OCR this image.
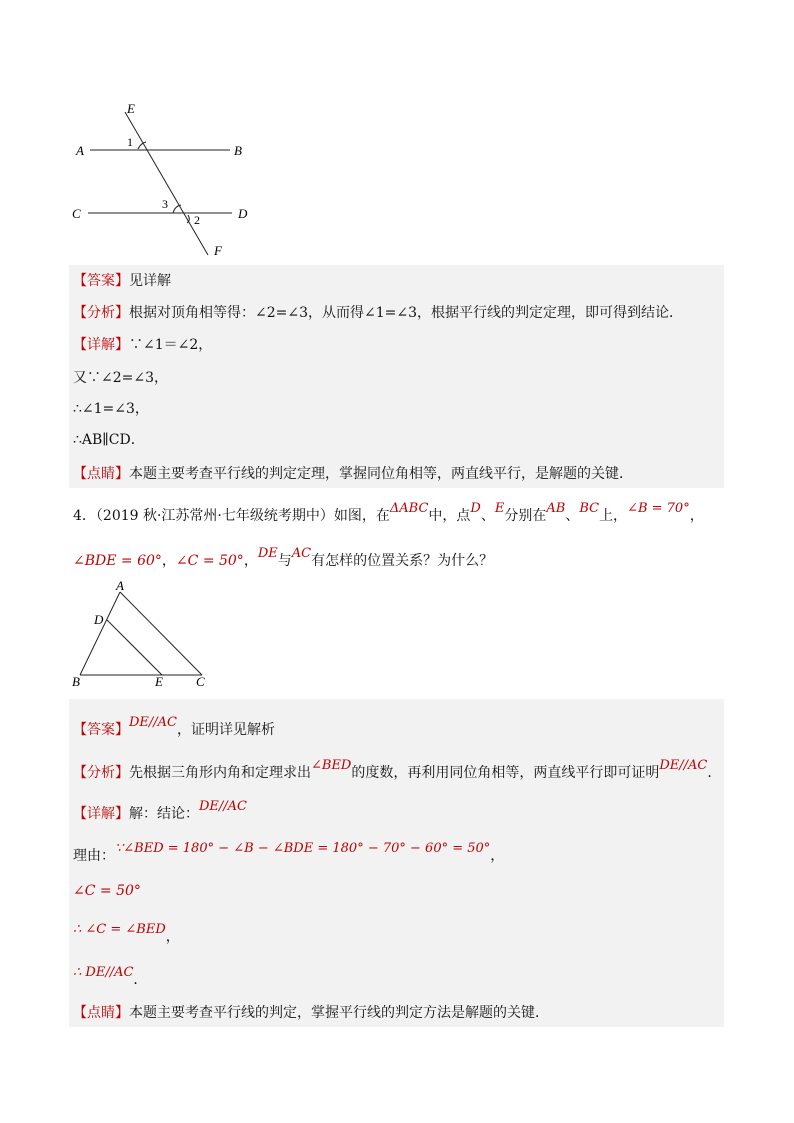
E
A	B
C	D
F
1
3
2
【答案】见详解
【分析】根据对顶角相等得：∠2=∠3，从而得∠1=∠3，根据平行线的判定定理，即可得到结论．
【详解】∵∠1＝∠2，
又∵∠2=∠3，
∴∠1=∠3，
∴AB∥CD．
【点睛】本题主要考查平行线的判定定理，掌握同位角相等，两直线平行，是解题的关键．
4．（2019 秋·江苏常州·七年级统考期中）如图，在ΔABC中，点D、E分别在AB、BC上，∠B = 70°，
∠BDE = 60°，∠C = 50°，DE与AC有怎样的位置关系？为什么？
A
D
B	E	C
【答案】DE//AC，证明详见解析
【分析】先根据三角形内角和定理求出∠BED的度数，再利用同位角相等，两直线平行即可证明DE//AC．
【详解】解：结论：DE//AC
理由：∵∠BED = 180° − ∠B − ∠BDE = 180° − 70° − 60° = 50°，
∠C = 50°
∴ ∠C = ∠BED，
∴ DE//AC．
【点睛】本题主要考查平行线的判定，掌握平行线的判定方法是解题的关键．
